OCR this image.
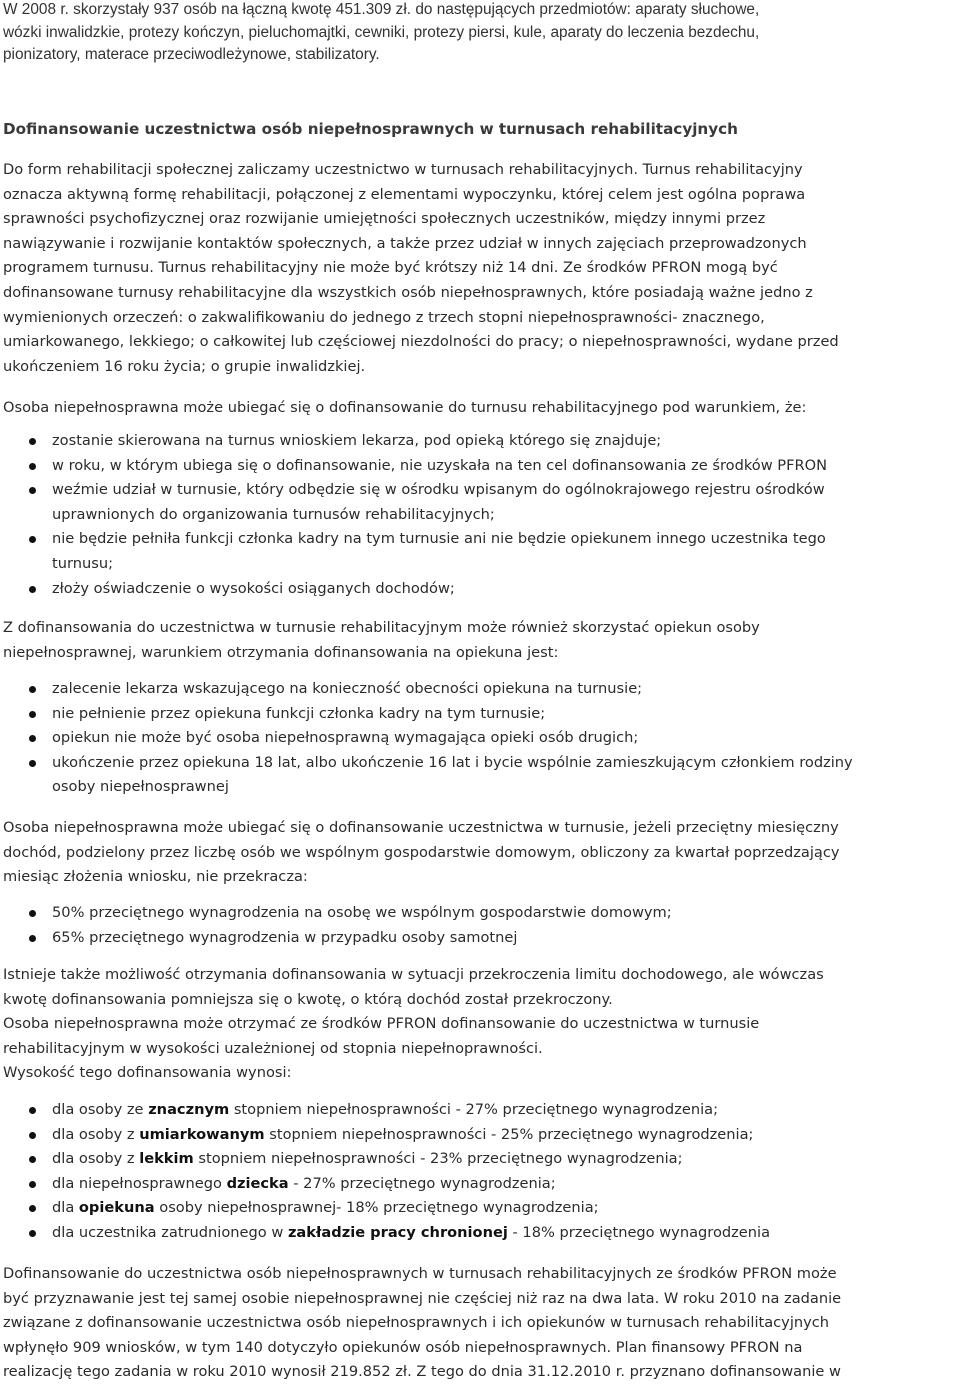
W 2008 r. skorzystały 937 osób na łączną kwotę 451.309 zł. do następujących przedmiotów: aparaty słuchowe,
wózki inwalidzkie, protezy kończyn, pieluchomajtki, cewniki, protezy piersi, kule, aparaty do leczenia bezdechu,
pionizatory, materace przeciwodleżynowe, stabilizatory.
Dofinansowanie uczestnictwa osób niepełnosprawnych w turnusach rehabilitacyjnych
Do form rehabilitacji społecznej zaliczamy uczestnictwo w turnusach rehabilitacyjnych. Turnus rehabilitacyjny
oznacza aktywną formę rehabilitacji, połączonej z elementami wypoczynku, której celem jest ogólna poprawa
sprawności psychofizycznej oraz rozwijanie umiejętności społecznych uczestników, między innymi przez
nawiązywanie i rozwijanie kontaktów społecznych, a także przez udział w innych zajęciach przeprowadzonych
programem turnusu. Turnus rehabilitacyjny nie może być krótszy niż 14 dni. Ze środków PFRON mogą być
dofinansowane turnusy rehabilitacyjne dla wszystkich osób niepełnosprawnych, które posiadają ważne jedno z
wymienionych orzeczeń: o zakwalifikowaniu do jednego z trzech stopni niepełnosprawności- znacznego,
umiarkowanego, lekkiego; o całkowitej lub częściowej niezdolności do pracy; o niepełnosprawności, wydane przed
ukończeniem 16 roku życia; o grupie inwalidzkiej.
Osoba niepełnosprawna może ubiegać się o dofinansowanie do turnusu rehabilitacyjnego pod warunkiem, że:
zostanie skierowana na turnus wnioskiem lekarza, pod opieką którego się znajduje;
w roku, w którym ubiega się o dofinansowanie, nie uzyskała na ten cel dofinansowania ze środków PFRON
weźmie udział w turnusie, który odbędzie się w ośrodku wpisanym do ogólnokrajowego rejestru ośrodków
uprawnionych do organizowania turnusów rehabilitacyjnych;
nie będzie pełniła funkcji członka kadry na tym turnusie ani nie będzie opiekunem innego uczestnika tego
turnusu;
złoży oświadczenie o wysokości osiąganych dochodów;
Z dofinansowania do uczestnictwa w turnusie rehabilitacyjnym może również skorzystać opiekun osoby
niepełnosprawnej, warunkiem otrzymania dofinansowania na opiekuna jest:
zalecenie lekarza wskazującego na konieczność obecności opiekuna na turnusie;
nie pełnienie przez opiekuna funkcji członka kadry na tym turnusie;
opiekun nie może być osoba niepełnosprawną wymagająca opieki osób drugich;
ukończenie przez opiekuna 18 lat, albo ukończenie 16 lat i bycie wspólnie zamieszkującym członkiem rodziny
osoby niepełnosprawnej
Osoba niepełnosprawna może ubiegać się o dofinansowanie uczestnictwa w turnusie, jeżeli przeciętny miesięczny
dochód, podzielony przez liczbę osób we wspólnym gospodarstwie domowym, obliczony za kwartał poprzedzający
miesiąc złożenia wniosku, nie przekracza:
50% przeciętnego wynagrodzenia na osobę we wspólnym gospodarstwie domowym;
65% przeciętnego wynagrodzenia w przypadku osoby samotnej
Istnieje także możliwość otrzymania dofinansowania w sytuacji przekroczenia limitu dochodowego, ale wówczas
kwotę dofinansowania pomniejsza się o kwotę, o którą dochód został przekroczony.
Osoba niepełnosprawna może otrzymać ze środków PFRON dofinansowanie do uczestnictwa w turnusie
rehabilitacyjnym w wysokości uzależnionej od stopnia niepełnoprawności.
Wysokość tego dofinansowania wynosi:
dla osoby ze znacznym stopniem niepełnosprawności - 27% przeciętnego wynagrodzenia;
dla osoby z umiarkowanym stopniem niepełnosprawności - 25% przeciętnego wynagrodzenia;
dla osoby z lekkim stopniem niepełnosprawności - 23% przeciętnego wynagrodzenia;
dla niepełnosprawnego dziecka - 27% przeciętnego wynagrodzenia;
dla opiekuna osoby niepełnosprawnej- 18% przeciętnego wynagrodzenia;
dla uczestnika zatrudnionego w zakładzie pracy chronionej - 18% przeciętnego wynagrodzenia
Dofinansowanie do uczestnictwa osób niepełnosprawnych w turnusach rehabilitacyjnych ze środków PFRON może
być przyznawanie jest tej samej osobie niepełnosprawnej nie częściej niż raz na dwa lata. W roku 2010 na zadanie
związane z dofinansowanie uczestnictwa osób niepełnosprawnych i ich opiekunów w turnusach rehabilitacyjnych
wpłynęło 909 wniosków, w tym 140 dotyczyło opiekunów osób niepełnosprawnych. Plan finansowy PFRON na
realizację tego zadania w roku 2010 wynosił 219.852 zł. Z tego do dnia 31.12.2010 r. przyznano dofinansowanie w
